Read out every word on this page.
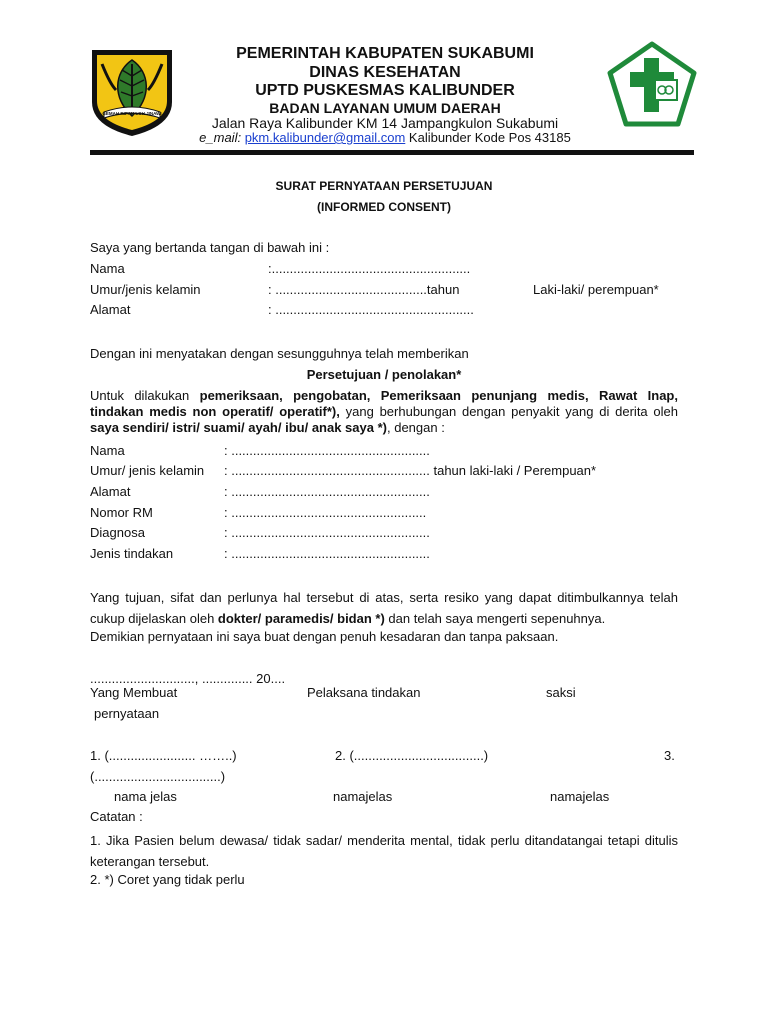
GEMAH RIPAH LOH JINAWI
PEMERINTAH KABUPATEN SUKABUMI
DINAS KESEHATAN
UPTD PUSKESMAS KALIBUNDER
BADAN LAYANAN UMUM DAERAH
Jalan Raya Kalibunder KM 14 Jampangkulon Sukabumi
e_mail: pkm.kalibunder@gmail.com Kalibunder Kode Pos 43185
SURAT PERNYATAAN PERSETUJUAN
(INFORMED CONSENT)
Saya yang bertanda tangan di bawah ini :
Nama	:.......................................................
Umur/jenis kelamin	: ..........................................tahun	Laki-laki/ perempuan*
Alamat	: .......................................................
Dengan ini menyatakan dengan sesungguhnya telah memberikan
Persetujuan / penolakan*
Untuk dilakukan pemeriksaan, pengobatan, Pemeriksaan penunjang medis, Rawat Inap, tindakan medis non operatif/ operatif*), yang berhubungan dengan penyakit yang di derita oleh saya sendiri/ istri/ suami/ ayah/ ibu/ anak saya *), dengan :
Nama	: .......................................................
Umur/ jenis kelamin : ....................................................... tahun laki-laki / Perempuan*
Alamat	: .......................................................
Nomor RM	: ......................................................
Diagnosa	: .......................................................
Jenis tindakan	: .......................................................
Yang tujuan, sifat dan perlunya hal tersebut di atas, serta resiko yang dapat ditimbulkannya telah cukup dijelaskan oleh dokter/ paramedis/ bidan *) dan telah saya mengerti sepenuhnya.
Demikian pernyataan ini saya buat dengan penuh kesadaran dan tanpa paksaan.
............................., .............. 20....
Yang Membuat
pernyataan
Pelaksana tindakan	saksi
1. (........................ ……..)	2. (....................................)	3.
(...................................)
nama jelas	namajelas	namajelas
Catatan :
1. Jika Pasien belum dewasa/ tidak sadar/ menderita mental, tidak perlu ditandatangai tetapi ditulis keterangan tersebut.
2. *) Coret yang tidak perlu
